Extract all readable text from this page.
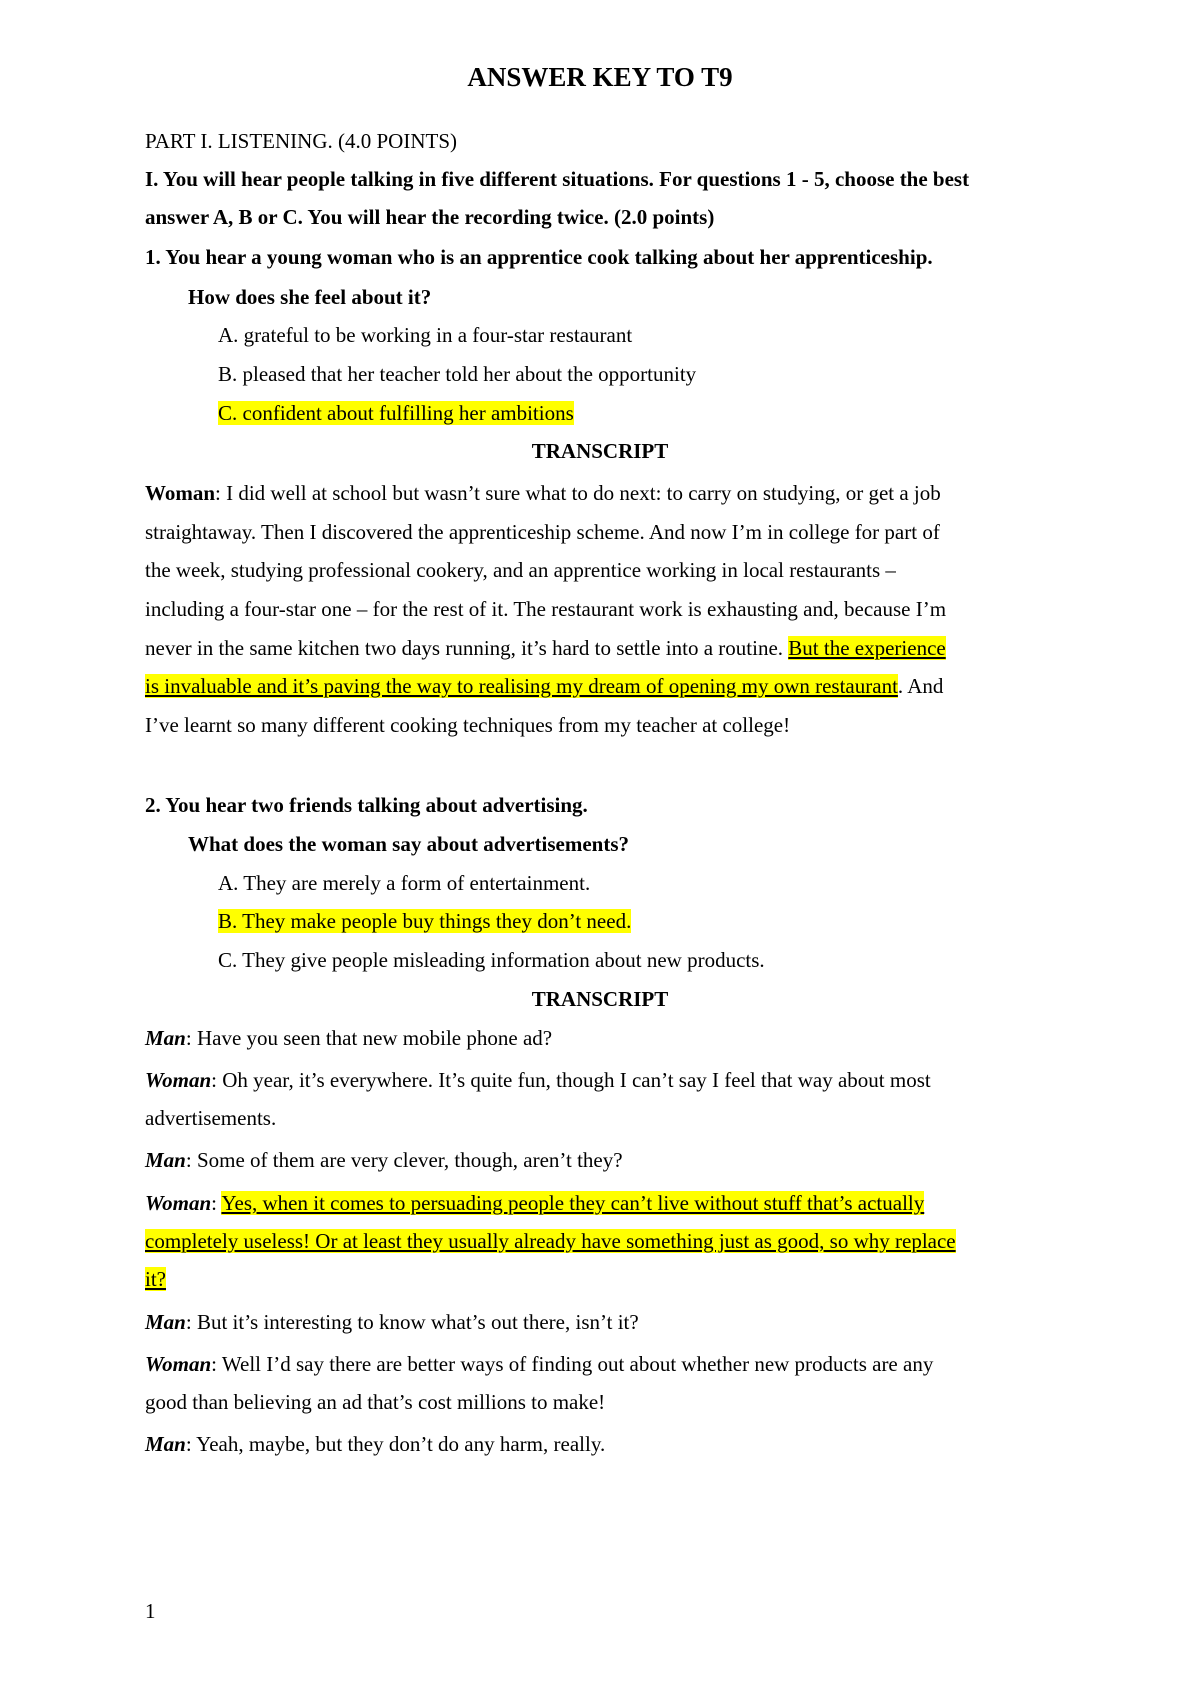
ANSWER KEY TO T9
PART I. LISTENING. (4.0 POINTS)
I. You will hear people talking in five different situations. For questions 1 - 5, choose the best
answer A, B or C. You will hear the recording twice. (2.0 points)
1. You hear a young woman who is an apprentice cook talking about her apprenticeship.
How does she feel about it?
A. grateful to be working in a four-star restaurant
B. pleased that her teacher told her about the opportunity
C. confident about fulfilling her ambitions
TRANSCRIPT
Woman: I did well at school but wasn’t sure what to do next: to carry on studying, or get a job
straightaway. Then I discovered the apprenticeship scheme. And now I’m in college for part of
the week, studying professional cookery, and an apprentice working in local restaurants –
including a four-star one – for the rest of it. The restaurant work is exhausting and, because I’m
never in the same kitchen two days running, it’s hard to settle into a routine. But the experience
is invaluable and it’s paving the way to realising my dream of opening my own restaurant. And
I’ve learnt so many different cooking techniques from my teacher at college!
2. You hear two friends talking about advertising.
What does the woman say about advertisements?
A. They are merely a form of entertainment.
B. They make people buy things they don’t need.
C. They give people misleading information about new products.
TRANSCRIPT
Man: Have you seen that new mobile phone ad?
Woman: Oh year, it’s everywhere. It’s quite fun, though I can’t say I feel that way about most
advertisements.
Man: Some of them are very clever, though, aren’t they?
Woman: Yes, when it comes to persuading people they can’t live without stuff that’s actually
completely useless! Or at least they usually already have something just as good, so why replace
it?
Man: But it’s interesting to know what’s out there, isn’t it?
Woman: Well I’d say there are better ways of finding out about whether new products are any
good than believing an ad that’s cost millions to make!
Man: Yeah, maybe, but they don’t do any harm, really.
1
